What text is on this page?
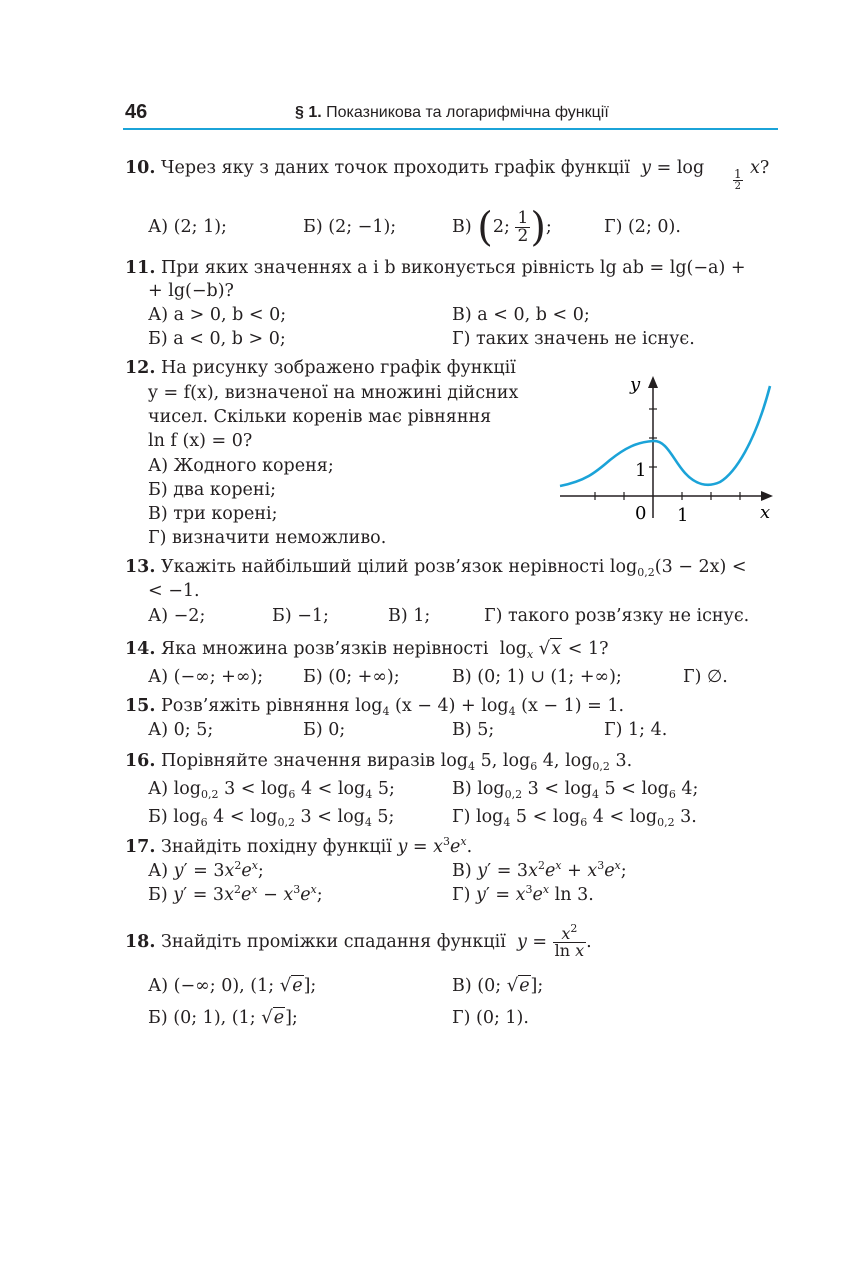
46	§ 1. Показникова та логарифмічна функції
10. Через яку з даних точок проходить графік функції y = log 1
2
x?
А) (2; 1);	Б) (2; −1);	В) (2; $\frac{1}{2}$ );	Г) (2; 0).
11. При яких значеннях a і b виконується рівність lg ab = lg(−a) +
+ lg(−b)?
А) a > 0, b < 0;	В) a < 0, b < 0;
Б) a < 0, b > 0;	Г) таких значень не існує.
12. На рисунку зображено графік функції
y = f(x), визначеної на множині дійсних
чисел. Скільки коренів має рівняння
ln f (x) = 0?
А) Жодного кореня;
Б) два корені;
В) три корені;
Г) визначити неможливо.
y
x
0 1
1
13. Укажіть найбільший цілий розв’язок нерівності $\log_{0,2}(3 - 2x)$ <
< −1.
А) −2;	Б) −1;	В) 1;	Г) такого розв’язку не існує.
14. Яка множина розв’язків нерівності $\log_x √x < 1$?
А) (−∞; +∞); Б) (0; +∞);	В) (0; 1) ∪ (1; +∞);	Г) ∅.
15. Розв’яжіть рівняння $\log_4 (x - 4) + \log_4 (x - 1) = 1$.
А) 0; 5;	Б) 0;	В) 5;	Г) 1; 4.
16. Порівняйте значення виразів $\log_4 5$, $\log_6 4$, $\log_{0,2} 3$.
А) $\log_{0,2} 3 < \log_6 4 < \log_4 5$;	В) $\log_{0,2} 3 < \log_4 5 < \log_6 4$;
Б) $\log_6 4 < \log_{0,2} 3 < \log_4 5$;	Г) $\log_4 5 < \log_6 4 < \log_{0,2} 3$.
17. Знайдіть похідну функції $y = x^3e^x$.
А) $y' = 3x^2e^x$;	В) $y' = 3x^2e^x + x^3e^x$;
Б) $y' = 3x^2e^x - x^3e^x$;	Г) $y' = x^3e^x$ ln 3.
18. Знайдіть проміжки спадання функції $y = \frac{x^2}{\text{ln x}}$ .
А) (−∞; 0), (1; √e];	В) (0; √e];
Б) (0; 1), (1; √e];	Г) (0; 1).
